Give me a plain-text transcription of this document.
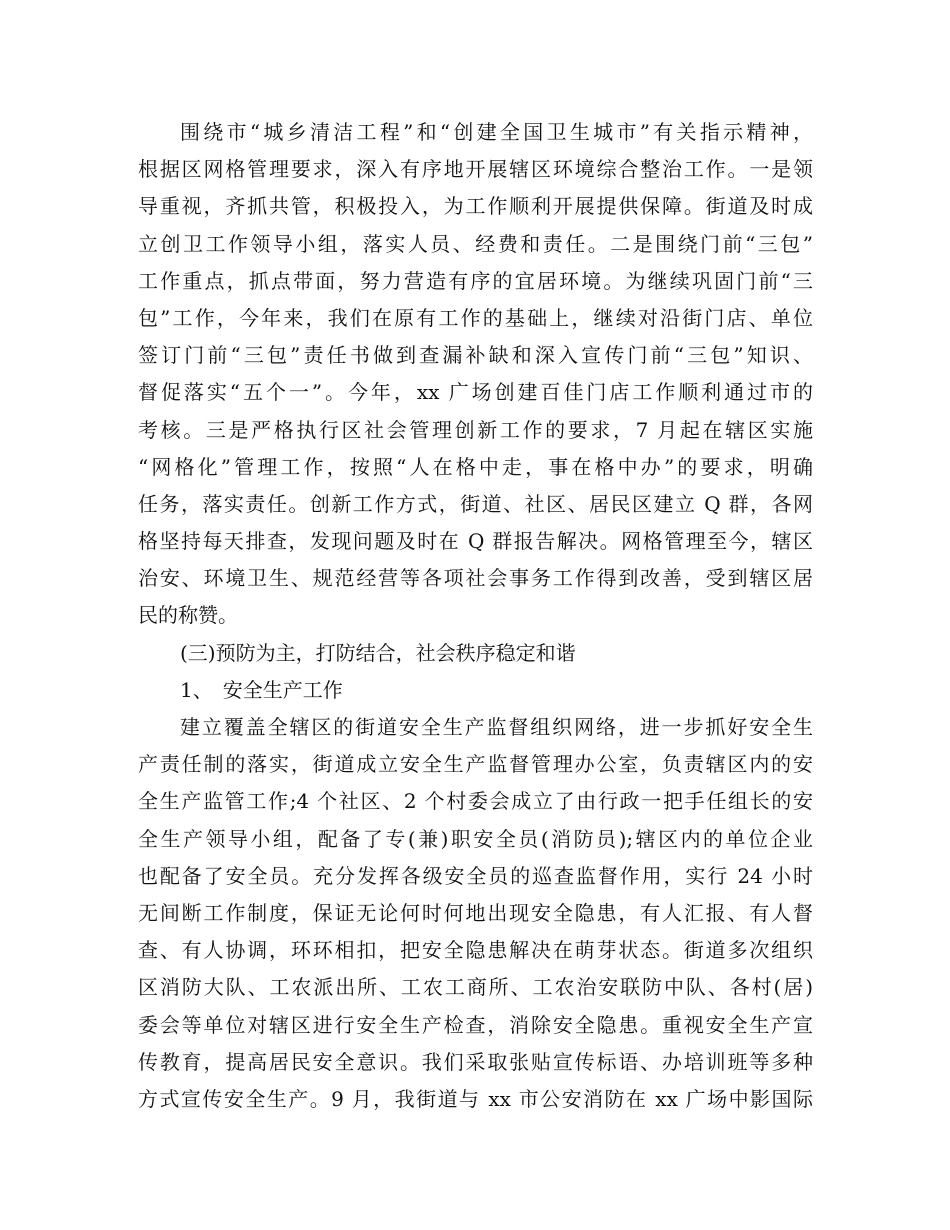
围绕市“城乡清洁工程”和“创建全国卫生城市”有关指示精神，
根据区网格管理要求，深入有序地开展辖区环境综合整治工作。一是领
导重视，齐抓共管，积极投入，为工作顺利开展提供保障。街道及时成
立创卫工作领导小组，落实人员、经费和责任。二是围绕门前“三包”
工作重点，抓点带面，努力营造有序的宜居环境。为继续巩固门前“三
包”工作，今年来，我们在原有工作的基础上，继续对沿街门店、单位
签订门前“三包”责任书做到查漏补缺和深入宣传门前“三包”知识、
督促落实“五个一”。今年，xx 广场创建百佳门店工作顺利通过市的
考核。三是严格执行区社会管理创新工作的要求，7 月起在辖区实施
“网格化”管理工作，按照“人在格中走，事在格中办”的要求，明确
任务，落实责任。创新工作方式，街道、社区、居民区建立 Q 群，各网
格坚持每天排查，发现问题及时在 Q 群报告解决。网格管理至今，辖区
治安、环境卫生、规范经营等各项社会事务工作得到改善，受到辖区居
民的称赞。
(三)预防为主，打防结合，社会秩序稳定和谐
1、　安全生产工作
建立覆盖全辖区的街道安全生产监督组织网络，进一步抓好安全生
产责任制的落实，街道成立安全生产监督管理办公室，负责辖区内的安
全生产监管工作;4 个社区、2 个村委会成立了由行政一把手任组长的安
全生产领导小组，配备了专(兼)职安全员(消防员);辖区内的单位企业
也配备了安全员。充分发挥各级安全员的巡查监督作用，实行 24 小时
无间断工作制度，保证无论何时何地出现安全隐患，有人汇报、有人督
查、有人协调，环环相扣，把安全隐患解决在萌芽状态。街道多次组织
区消防大队、工农派出所、工农工商所、工农治安联防中队、各村(居)
委会等单位对辖区进行安全生产检查，消除安全隐患。重视安全生产宣
传教育，提高居民安全意识。我们采取张贴宣传标语、办培训班等多种
方式宣传安全生产。9 月，我街道与 xx 市公安消防在 xx 广场中影国际
